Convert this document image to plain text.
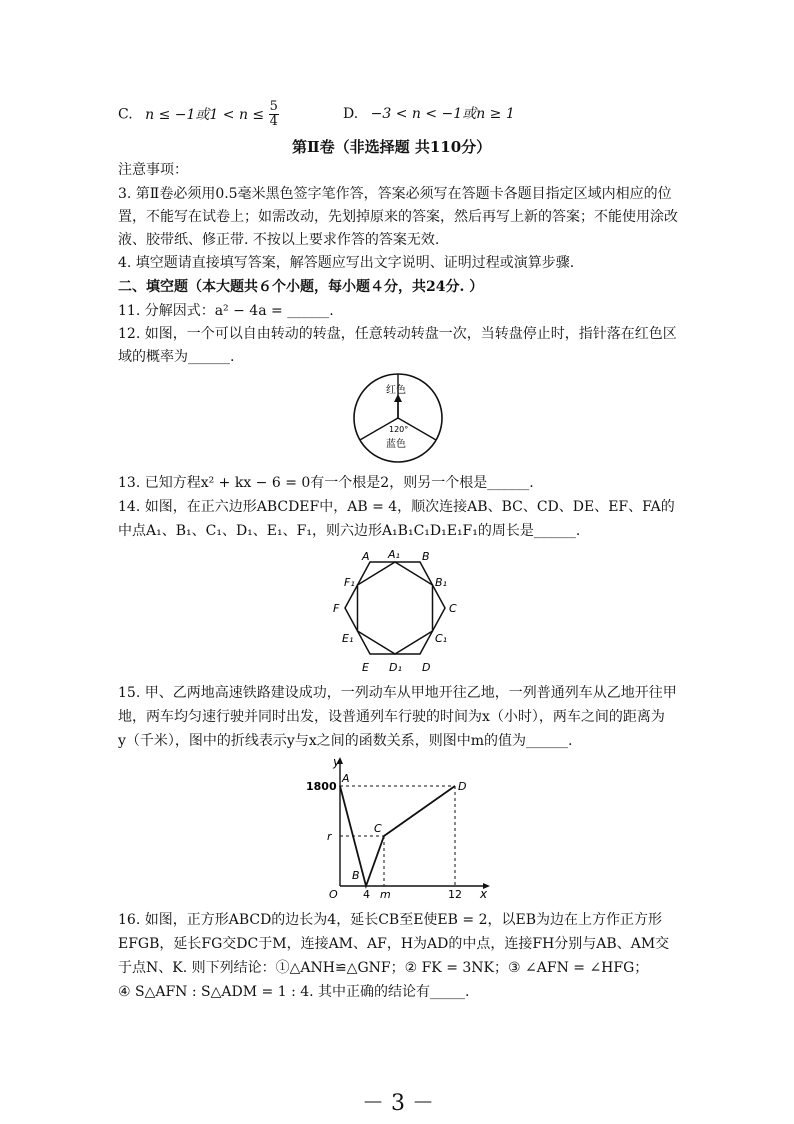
C. n ≤ −1或$1 < n \le \frac{5}{4}$	D. −3 < n < −1或n ≥ 1
第Ⅱ卷（非选择题 共110分）
注意事项：
3. 第Ⅱ卷必须用0.5毫米黑色签字笔作答，答案必须写在答题卡各题目指定区域内相应的位
置，不能写在试卷上；如需改动，先划掉原来的答案，然后再写上新的答案；不能使用涂改
液、胶带纸、修正带. 不按以上要求作答的答案无效.
4. 填空题请直接填写答案，解答题应写出文字说明、证明过程或演算步骤.
二、填空题（本大题共６个小题，每小题４分，共24分. ）
11. 分解因式：a² − 4a = ______.
12. 如图，一个可以自由转动的转盘，任意转动转盘一次，当转盘停止时，指针落在红色区
域的概率为______.
红色
120°
蓝色
13. 已知方程x² + kx − 6 = 0有一个根是2，则另一个根是______.
14. 如图，在正六边形ABCDEF中，AB = 4，顺次连接AB、BC、CD、DE、EF、FA的
中点A₁、B₁、C₁、D₁、E₁、F₁，则六边形A₁B₁C₁D₁E₁F₁的周长是______.
A A₁ B
F₁	B₁
F	C
E₁	C₁
E D₁ D
15. 甲、乙两地高速铁路建设成功，一列动车从甲地开往乙地，一列普通列车从乙地开往甲
地，两车均匀速行驶并同时出发，设普通列车行驶的时间为x（小时），两车之间的距离为
y（千米），图中的折线表示y与x之间的函数关系，则图中m的值为______.
y
x
O
1800
r
4 m	12
A
B
C
D
16. 如图，正方形ABCD的边长为4，延长CB至E使EB = 2，以EB为边在上方作正方形
EFGB，延长FG交DC于M，连接AM、AF，H为AD的中点，连接FH分别与AB、AM交
于点N、K. 则下列结论：①△ANH≌△GNF；② FK = 3NK；③ ∠AFN = ∠HFG；
④ S△AFN : S△ADM = 1 : 4. 其中正确的结论有_____.
－ 3 －
